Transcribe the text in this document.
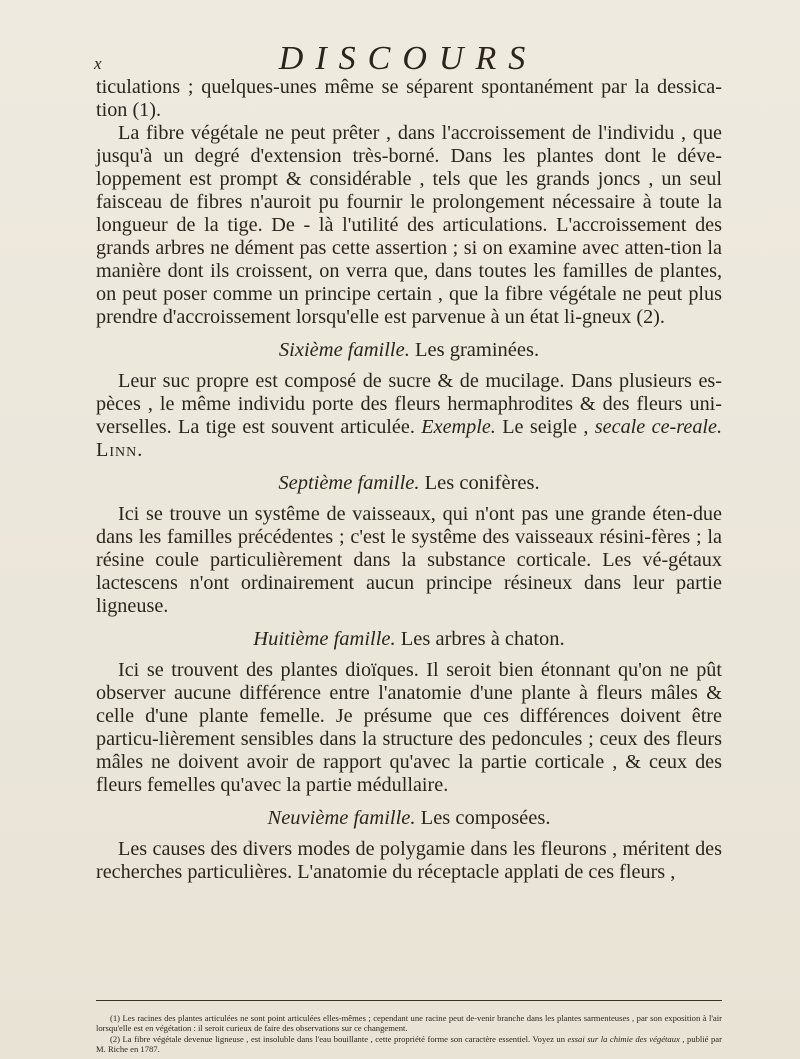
x	DISCOURS

ticulations ; quelques-unes même se séparent spontanément par la dessica-tion (1).

La fibre végétale ne peut prêter , dans l'accroissement de l'individu , que jusqu'à un degré d'extension très-borné. Dans les plantes dont le déve-loppement est prompt & considérable , tels que les grands joncs , un seul faisceau de fibres n'auroit pu fournir le prolongement nécessaire à toute la longueur de la tige. De - là l'utilité des articulations. L'accroissement des grands arbres ne dément pas cette assertion ; si on examine avec atten-tion la manière dont ils croissent, on verra que, dans toutes les familles de plantes, on peut poser comme un principe certain , que la fibre végétale ne peut plus prendre d'accroissement lorsqu'elle est parvenue à un état li-gneux (2).

Sixième famille. Les graminées.

Leur suc propre est composé de sucre & de mucilage. Dans plusieurs es-pèces , le même individu porte des fleurs hermaphrodites & des fleurs uni-verselles. La tige est souvent articulée. Exemple. Le seigle , secale ce-reale. Linn.

Septième famille. Les conifères.

Ici se trouve un systême de vaisseaux, qui n'ont pas une grande éten-due dans les familles précédentes ; c'est le systême des vaisseaux résini-fères ; la résine coule particulièrement dans la substance corticale. Les vé-gétaux lactescens n'ont ordinairement aucun principe résineux dans leur partie ligneuse.

Huitième famille. Les arbres à chaton.

Ici se trouvent des plantes dioïques. Il seroit bien étonnant qu'on ne pût observer aucune différence entre l'anatomie d'une plante à fleurs mâles & celle d'une plante femelle. Je présume que ces différences doivent être particu-lièrement sensibles dans la structure des pedoncules ; ceux des fleurs mâles ne doivent avoir de rapport qu'avec la partie corticale , & ceux des fleurs femelles qu'avec la partie médullaire.

Neuvième famille. Les composées.

Les causes des divers modes de polygamie dans les fleurons , méritent des recherches particulières. L'anatomie du réceptacle applati de ces fleurs ,

(1) Les racines des plantes articulées ne sont point articulées elles-mêmes ; cependant une racine peut de-venir branche dans les plantes sarmenteuses , par son exposition à l'air lorsqu'elle est en végétation : il seroit curieux de faire des observations sur ce changement.

(2) La fibre végétale devenue ligneuse , est insoluble dans l'eau bouillante , cette propriété forme son caractère essentiel. Voyez un essai sur la chimie des végétaux , publié par M. Riche en 1787.
